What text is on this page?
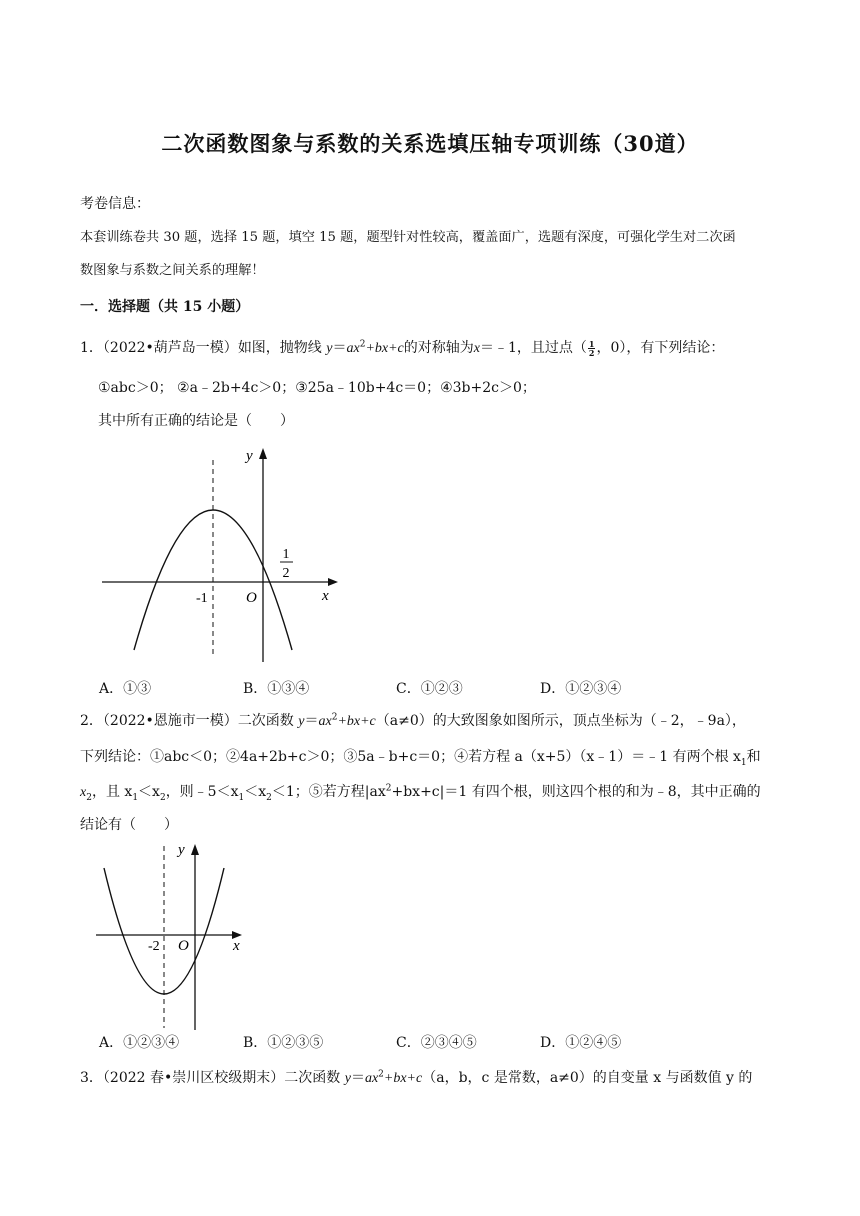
二次函数图象与系数的关系选填压轴专项训练（30道）
考卷信息：
本套训练卷共 30 题，选择 15 题，填空 15 题，题型针对性较高，覆盖面广，选题有深度，可强化学生对二次函
数图象与系数之间关系的理解！
一．选择题（共 15 小题）
1．（2022•葫芦岛一模）如图，抛物线 $y=ax^2+bx+c$的对称轴为x＝﹣1，且过点（ $\frac{1}{2}$ ，0），有下列结论：
①abc＞0； ②a﹣2b+4c＞0；③25a﹣10b+4c＝0；④3b+2c＞0；
其中所有正确的结论是（　　）
y
x
O
-1
1
2
A．①③	B．①③④	C．①②③	D．①②③④
2．（2022•恩施市一模）二次函数 $y=ax^2+bx+c(a\ne 0)$的大致图象如图所示，顶点坐标为（﹣2，﹣9a），
下列结论：①abc＜0；②4a+2b+c＞0；③5a﹣b+c＝0；④若方程 a（x+5）（x﹣1）＝﹣1 有两个根 $x_1$和
$x_2$，且 $x_1<x_2$，则$﹣5<x_1<x_2<1$；⑤若方程$|ax^2+bx+c|=1$ 有四个根，则这四个根的和为﹣8，其中正确的
结论有（　　）
y
x
O
-2
A．①②③④	B．①②③⑤	C．②③④⑤	D．①②④⑤
3．（2022 春•崇川区校级期末）二次函数 $y=ax^2+bx+c(a$，b，c 是常数，a≠0）的自变量 x 与函数值 y 的
